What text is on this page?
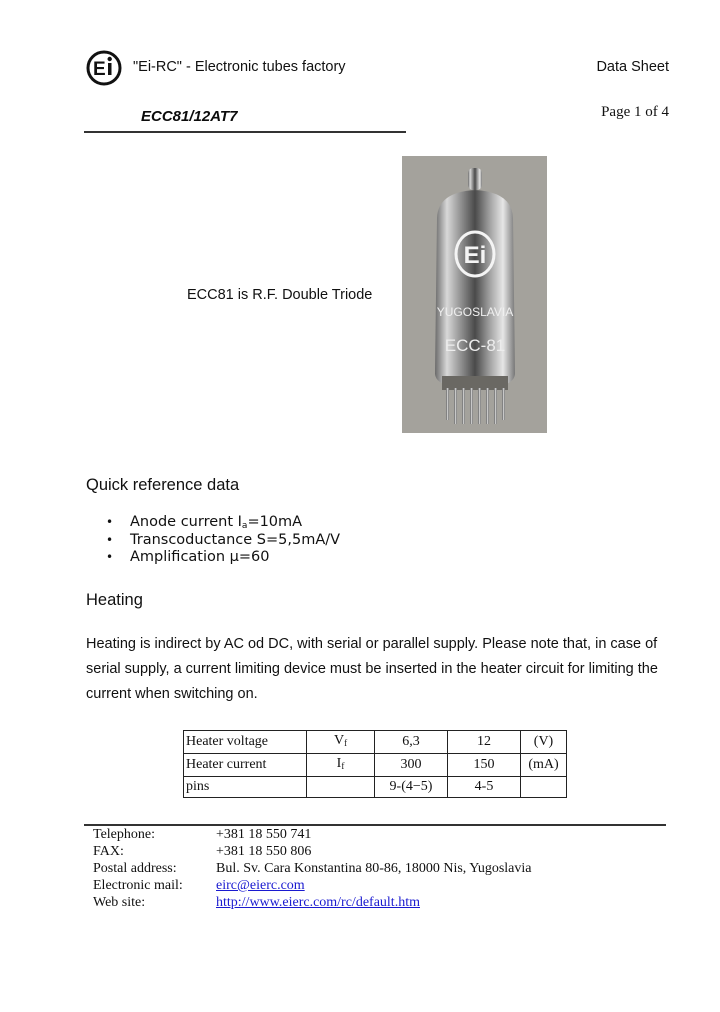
E "Ei-RC" - Electronic tubes factory	Data Sheet
ECC81/12AT7	Page 1 of 4
Ei
YUGOSLAVIA
ECC-81
ECC81 is R.F. Double Triode
Quick reference data
• Anode current $I_a=10mA$
• Transcoductance S=5,5mA/V
• Amplification μ=60
Heating

Heating is indirect by AC od DC, with serial or parallel supply. Please note that, in case of serial supply, a current limiting device must be inserted in the heater circuit for limiting the current when switching on.

Heater voltage	$V_f$	6,3	12	(V)
Heater current	$I_f$	300	150	(mA)
pins		9-(4−5)	4-5	
Telephone:	+381 18 550 741
FAX:	+381 18 550 806
Postal address:	Bul. Sv. Cara Konstantina 80-86, 18000 Nis, Yugoslavia
Electronic mail: eirc@eierc.com
Web site:	http://www.eierc.com/rc/default.htm
